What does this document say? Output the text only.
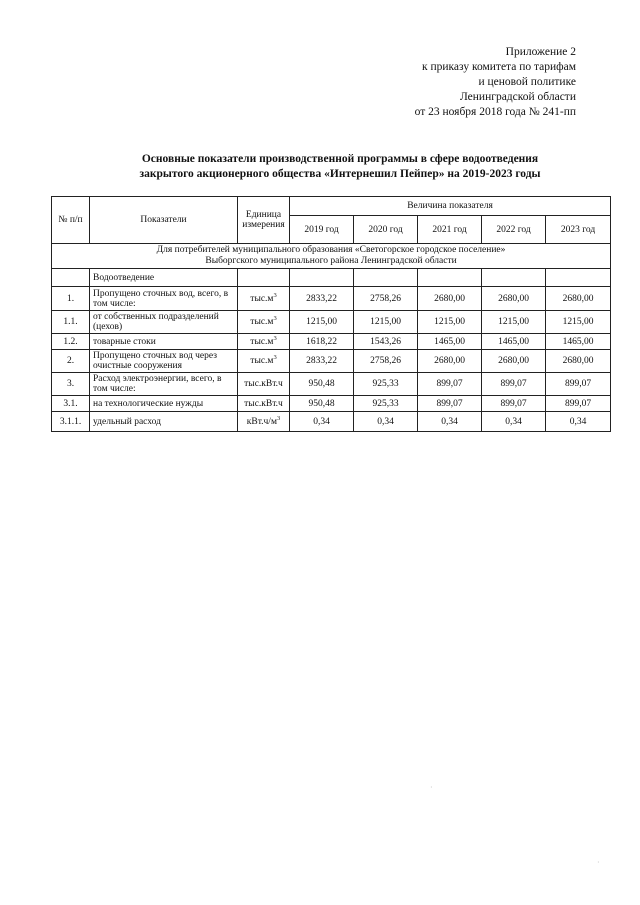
Приложение 2
к приказу комитета по тарифам
и ценовой политике
Ленинградской области
от 23 ноября 2018 года № 241-пп
Основные показатели производственной программы в сфере водоотведения
закрытого акционерного общества «Интернешил Пейпер» на 2019-2023 годы
№ п/п	Показатели	Единица измерения	Величина показателя				
			2019 год	2020 год	2021 год	2022 год	2023 год

Для потребителей муниципального образования «Светогорское городское поселение»
Выборгского муниципального района Ленинградской области							

	Водоотведение						
1.	Пропущено сточных вод, всего, в том числе:	$тыс.м^3$	2833,22	2758,26	2680,00	2680,00	2680,00
1.1.	от собственных подразделений (цехов)	$тыс.м^3$	1215,00	1215,00	1215,00	1215,00	1215,00
1.2.	товарные стоки	$тыс.м^3$	1618,22	1543,26	1465,00	1465,00	1465,00
2.	Пропущено сточных вод через очистные сооружения	$тыс.м^3$	2833,22	2758,26	2680,00	2680,00	2680,00
3.	Расход электроэнергии, всего, в том числе:	тыс.кВт.ч	950,48	925,33	899,07	899,07	899,07
3.1.	на технологические нужды	тыс.кВт.ч	950,48	925,33	899,07	899,07	899,07
3.1.1.	удельный расход	$кВт.ч/м^3$	0,34	0,34	0,34	0,34	0,34
·
·
